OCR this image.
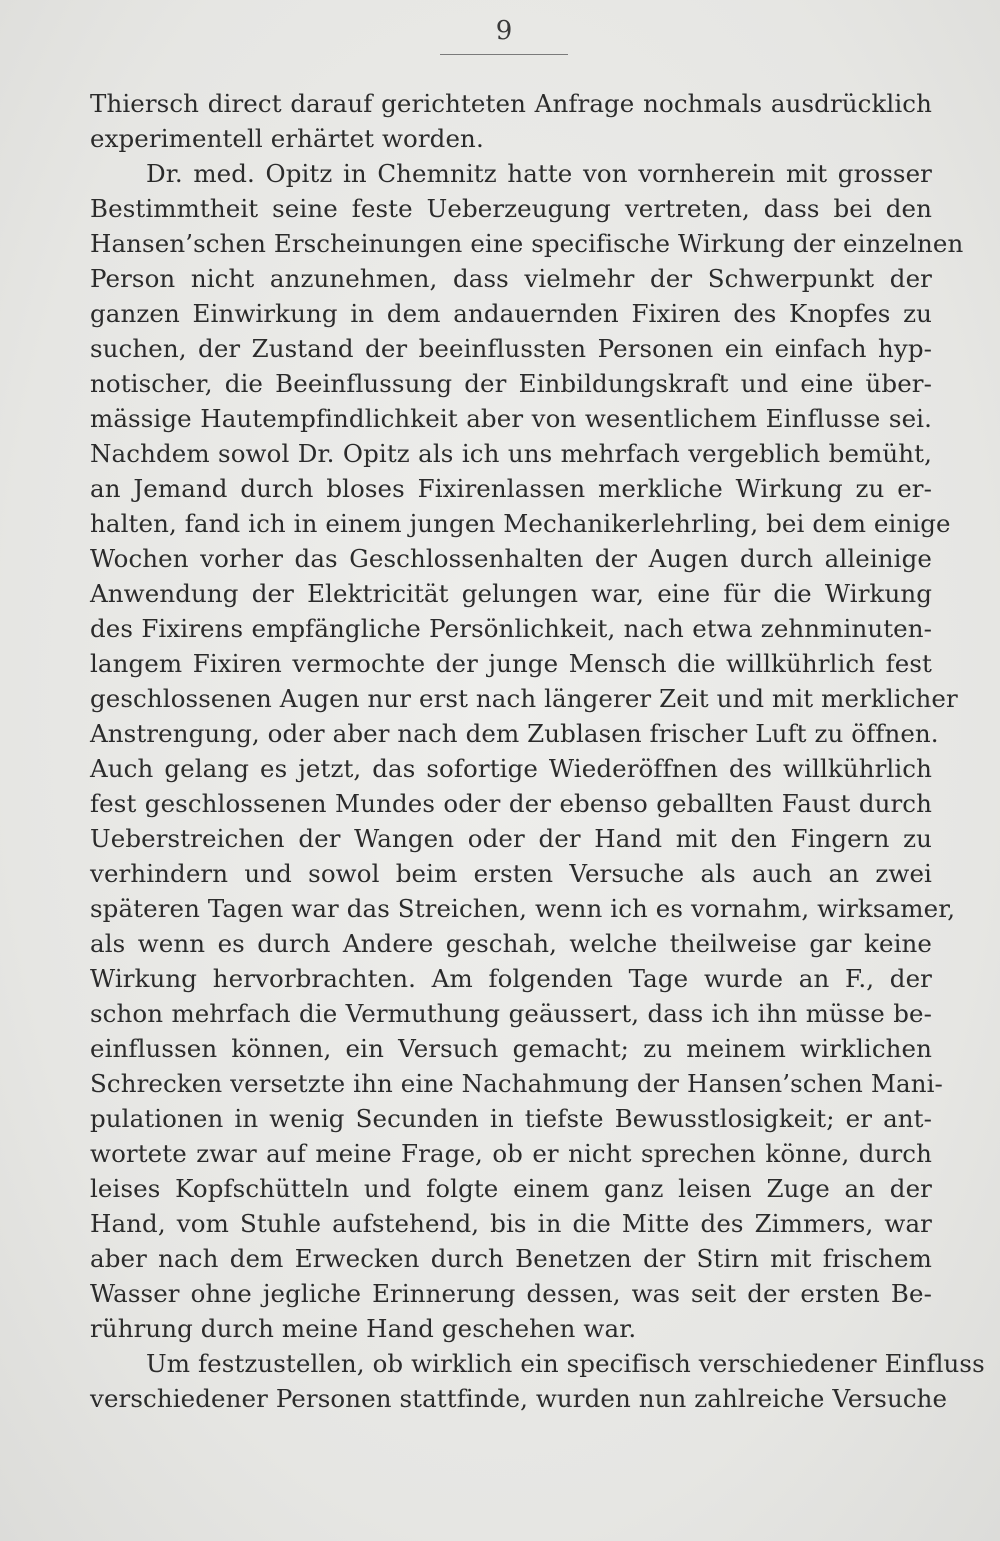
9
Thiersch direct darauf gerichteten Anfrage nochmals ausdrücklich
experimentell erhärtet worden.
Dr. med. Opitz in Chemnitz hatte von vornherein mit grosser
Bestimmtheit seine feste Ueberzeugung vertreten, dass bei den
Hansen’schen Erscheinungen eine specifische Wirkung der einzelnen
Person nicht anzunehmen, dass vielmehr der Schwerpunkt der
ganzen Einwirkung in dem andauernden Fixiren des Knopfes zu
suchen, der Zustand der beeinflussten Personen ein einfach hyp-
notischer, die Beeinflussung der Einbildungskraft und eine über-
mässige Hautempfindlichkeit aber von wesentlichem Einflusse sei.
Nachdem sowol Dr. Opitz als ich uns mehrfach vergeblich bemüht,
an Jemand durch bloses Fixirenlassen merkliche Wirkung zu er-
halten, fand ich in einem jungen Mechanikerlehrling, bei dem einige
Wochen vorher das Geschlossenhalten der Augen durch alleinige
Anwendung der Elektricität gelungen war, eine für die Wirkung
des Fixirens empfängliche Persönlichkeit, nach etwa zehnminuten-
langem Fixiren vermochte der junge Mensch die willkührlich fest
geschlossenen Augen nur erst nach längerer Zeit und mit merklicher
Anstrengung, oder aber nach dem Zublasen frischer Luft zu öffnen.
Auch gelang es jetzt, das sofortige Wiederöffnen des willkührlich
fest geschlossenen Mundes oder der ebenso geballten Faust durch
Ueberstreichen der Wangen oder der Hand mit den Fingern zu
verhindern und sowol beim ersten Versuche als auch an zwei
späteren Tagen war das Streichen, wenn ich es vornahm, wirksamer,
als wenn es durch Andere geschah, welche theilweise gar keine
Wirkung hervorbrachten. Am folgenden Tage wurde an F., der
schon mehrfach die Vermuthung geäussert, dass ich ihn müsse be-
einflussen können, ein Versuch gemacht; zu meinem wirklichen
Schrecken versetzte ihn eine Nachahmung der Hansen’schen Mani-
pulationen in wenig Secunden in tiefste Bewusstlosigkeit; er ant-
wortete zwar auf meine Frage, ob er nicht sprechen könne, durch
leises Kopfschütteln und folgte einem ganz leisen Zuge an der
Hand, vom Stuhle aufstehend, bis in die Mitte des Zimmers, war
aber nach dem Erwecken durch Benetzen der Stirn mit frischem
Wasser ohne jegliche Erinnerung dessen, was seit der ersten Be-
rührung durch meine Hand geschehen war.
Um festzustellen, ob wirklich ein specifisch verschiedener Einfluss
verschiedener Personen stattfinde, wurden nun zahlreiche Versuche
